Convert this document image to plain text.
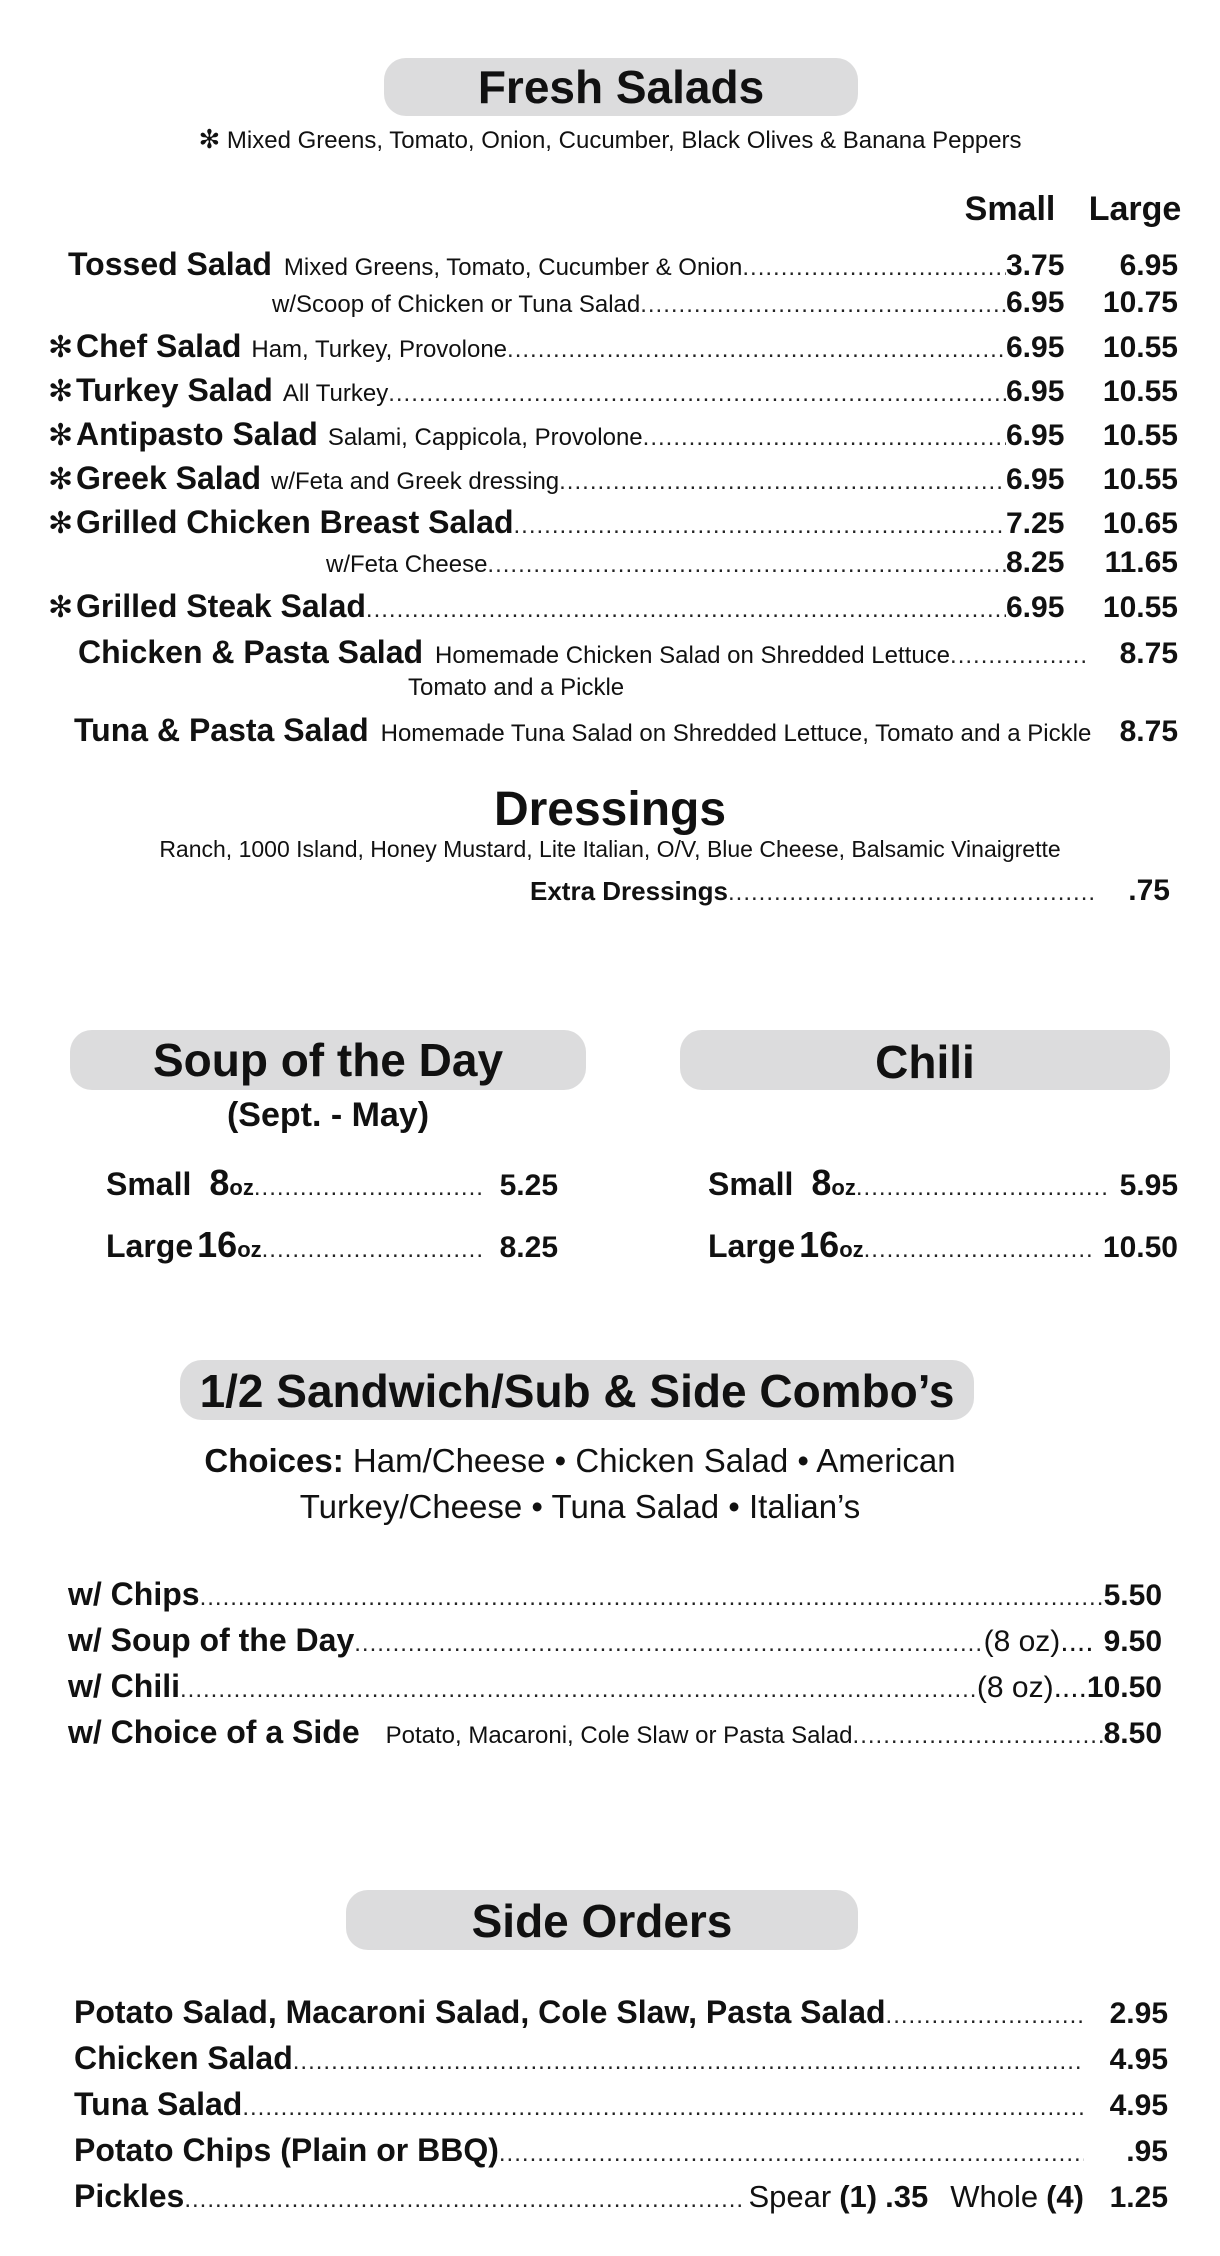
Fresh Salads
✻ Mixed Greens, Tomato, Onion, Cucumber, Black Olives & Banana Peppers
Small Large
Tossed Salad Mixed Greens, Tomato, Cucumber & Onion .....	3.75	6.95
w/Scoop of Chicken or Tuna Salad .....	6.95	10.75
✻ Chef Salad Ham, Turkey, Provolone .....	6.95	10.55
✻ Turkey Salad All Turkey .....	6.95	10.55
✻ Antipasto Salad Salami, Cappicola, Provolone .....	6.95	10.55
✻ Greek Salad w/Feta and Greek dressing .....	6.95	10.55
✻ Grilled Chicken Breast Salad .....	7.25	10.65
w/Feta Cheese .....	8.25	11.65
✻ Grilled Steak Salad .....	6.95	10.55
Chicken & Pasta Salad Homemade Chicken Salad on Shredded Lettuce .....	8.75
Tomato and a Pickle
Tuna & Pasta Salad Homemade Tuna Salad on Shredded Lettuce, Tomato and a Pickle 8.75
Dressings
Ranch, 1000 Island, Honey Mustard, Lite Italian, O/V, Blue Cheese, Balsamic Vinaigrette
Extra Dressings .....	.75
Soup of the Day
(Sept. - May)
Small 8oz .....	5.25
Large 16oz .....	8.25
Chili
Small 8oz .....	5.95
Large 16oz .....	10.50
1/2 Sandwich/Sub & Side Combo’s
Choices: Ham/Cheese • Chicken Salad • American
Turkey/Cheese • Tuna Salad • Italian’s
w/ Chips .....	5.50
w/ Soup of the Day .....	(8 oz).... 9.50
w/ Chili .....	(8 oz).... 10.50
w/ Choice of a Side Potato, Macaroni, Cole Slaw or Pasta Salad .....	8.50
Side Orders
Potato Salad, Macaroni Salad, Cole Slaw, Pasta Salad .....	2.95
Chicken Salad .....	4.95
Tuna Salad .....	4.95
Potato Chips (Plain or BBQ) .....	.95
Pickles .....	Spear (1) .35 Whole (4) 1.25
